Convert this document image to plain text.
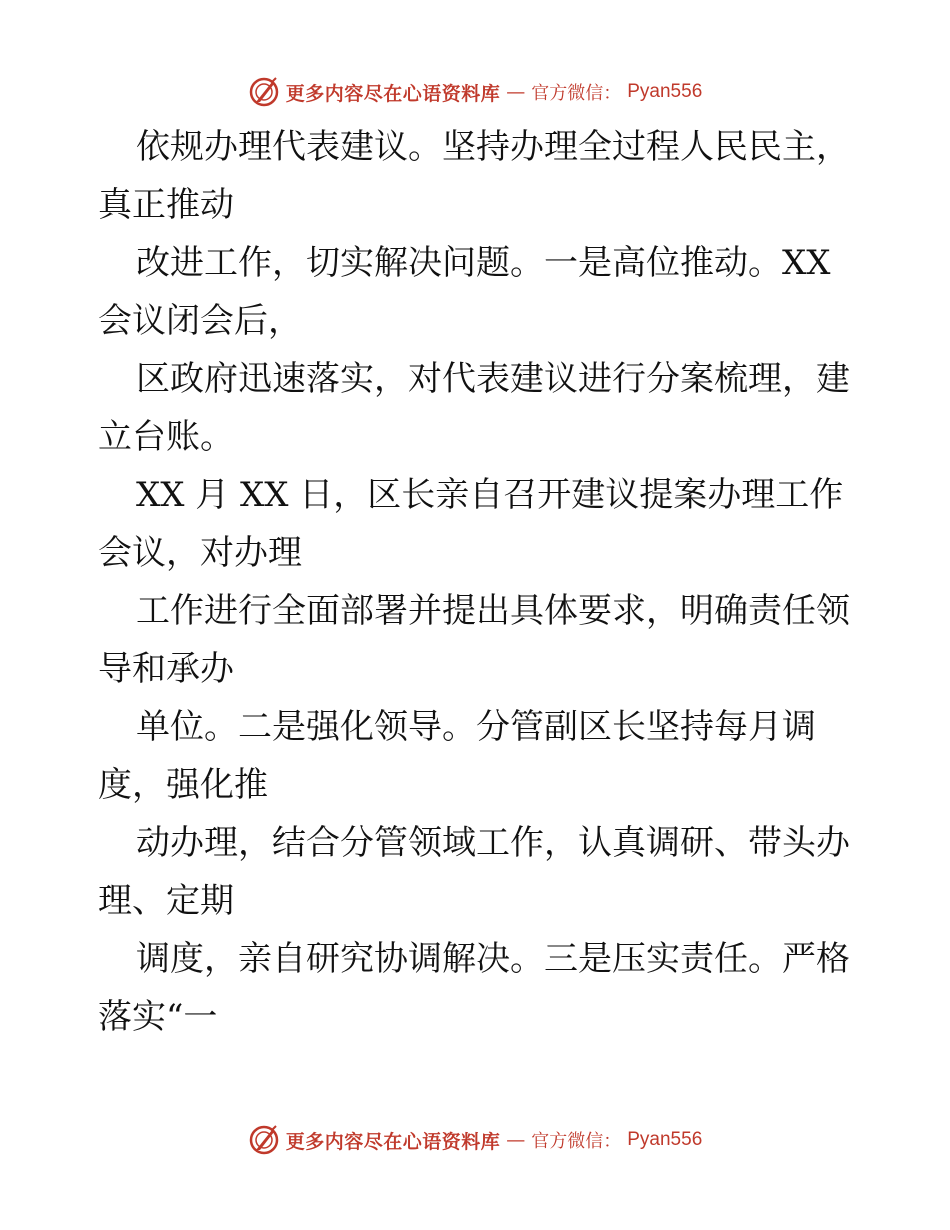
更多内容尽在心语资料库 — 官方微信： Pyan556
依规办理代表建议。坚持办理全过程人民民主，
真正推动
改进工作，切实解决问题。一是高位推动。XX
会议闭会后，
区政府迅速落实，对代表建议进行分案梳理，建
立台账。
XX 月 XX 日，区长亲自召开建议提案办理工作
会议，对办理
工作进行全面部署并提出具体要求，明确责任领
导和承办
单位。二是强化领导。分管副区长坚持每月调
度，强化推
动办理，结合分管领域工作，认真调研、带头办
理、定期
调度，亲自研究协调解决。三是压实责任。严格
落实“一
更多内容尽在心语资料库 — 官方微信： Pyan556
